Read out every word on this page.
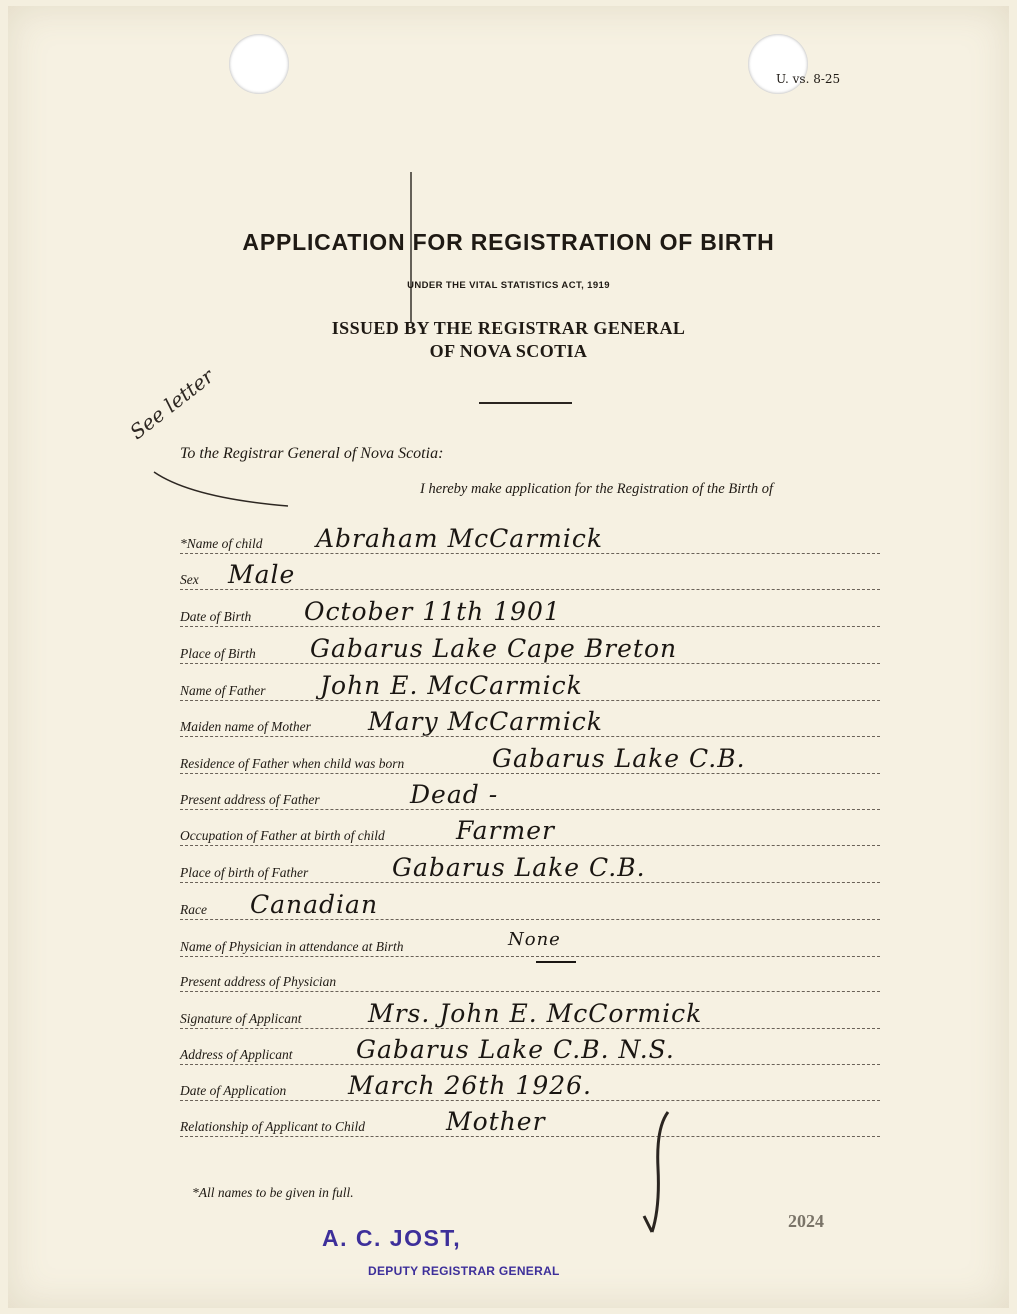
U. vs. 8-25
APPLICATION FOR REGISTRATION OF BIRTH
UNDER THE VITAL STATISTICS ACT, 1919
ISSUED BY THE REGISTRAR GENERAL
OF NOVA SCOTIA
See letter
To the Registrar General of Nova Scotia:
I hereby make application for the Registration of the Birth of
*Name of child Abraham McCarmick
Sex Male
Date of Birth October 11th 1901
Place of Birth Gabarus Lake Cape Breton
Name of Father John E. McCarmick
Maiden name of Mother Mary McCarmick
Residence of Father when child was born	Gabarus Lake C.B.
Present address of Father	Dead -
Occupation of Father at birth of child	Farmer
Place of birth of Father	Gabarus Lake C.B.
Race Canadian
Name of Physician in attendance at Birth	None
Present address of Physician
Signature of Applicant	Mrs. John E. McCormick
Address of Applicant	Gabarus Lake C.B. N.S.
Date of Application March 26th 1926.
Relationship of Applicant to Child	Mother
*All names to be given in full.
A. C. JOST,
DEPUTY REGISTRAR GENERAL
2024
